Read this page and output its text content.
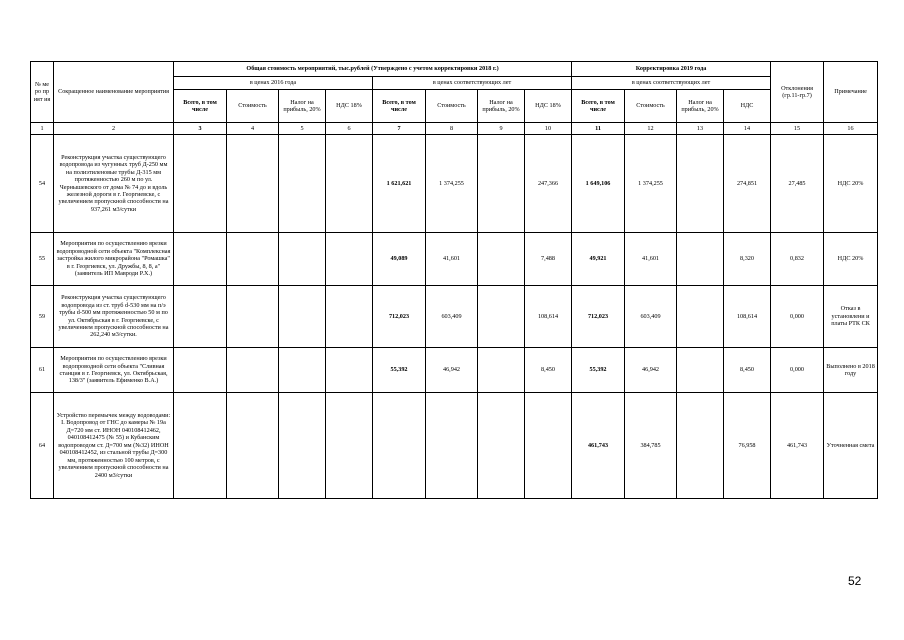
№ ме ро пр ият ия	Сокращенное наименование мероприятия	Общая стоимость мероприятий, тыс.рублей (Утверждено с учетом корректировки 2018 г.)								Корректировка 2019 года				Отклонения (гр.11-гр.7)	Примечание
		в ценах 2016 года				в ценах соответствующих лет				в ценах соответствующих лет					
		Всего, в том числе	Стоимость	Налог на прибыль, 20%	НДС 18%	Всего, в том числе	Стоимость	Налог на прибыль, 20%	НДС 18%	Всего, в том числе	Стоимость	Налог на прибыль, 20%	НДС		
1	2	3	4	5	6	7	8	9	10	11	12	13	14	15	16
54	Реконструкция участка существующего водопровода из чугунных труб Д-250 мм на полиэтиленовые трубы Д-315 мм протяженностью 260 м по ул. Чернышевского от дома № 74 до и вдоль железной дороги в г. Георгиевске, с увеличением пропускной способности на 937,261 м3/сутки					1 621,621	1 374,255		247,366	1 649,106	1 374,255		274,851	27,485	НДС 20%
55	Мероприятия по осуществлению врезки водопроводной сети объекта "Комплексная застройка жилого микрорайона "Ромашка" в г. Георгиевск, ул. Дружбы, 8, 8, а" (заявитель ИП Мавроди Р.Х.)					49,089	41,601		7,488	49,921	41,601		8,320	0,832	НДС 20%
59	Реконструкция участка существующего водопровода из ст. труб d-530 мм на п/э трубы d-500 мм протяженностью 50 м по ул. Октябрьская в г. Георгиевске, с увеличением пропускной способности на 262,240 м3/сутки.					712,023	603,409		108,614	712,023	603,409		108,614	0,000	Отказ в установлени и платы РТК СК
61	Мероприятия по осуществлению врезки водопроводной сети объекта "Сливная станция в г. Георгиевск, ул. Октябрьская, 138/3" (заявитель Ефименко В.А.)					55,392	46,942		8,450	55,392	46,942		8,450	0,000	Выполнено в 2018 году
64	Устройство перемычек между водоводами: I. Водопровод от ГНС до камеры № 19а Д=720 мм ст. ИНОН 040108412462, 040108412475 (№ 55) и Кубанским водопроводом ст. Д=700 мм (№32) ИНОН 040108412452, из стальной трубы Д=300 мм, протяженностью 100 метров, с увеличением пропускной способности на 2400 м3/сутки									461,743	384,785		76,958	461,743	Уточненная смета
52
